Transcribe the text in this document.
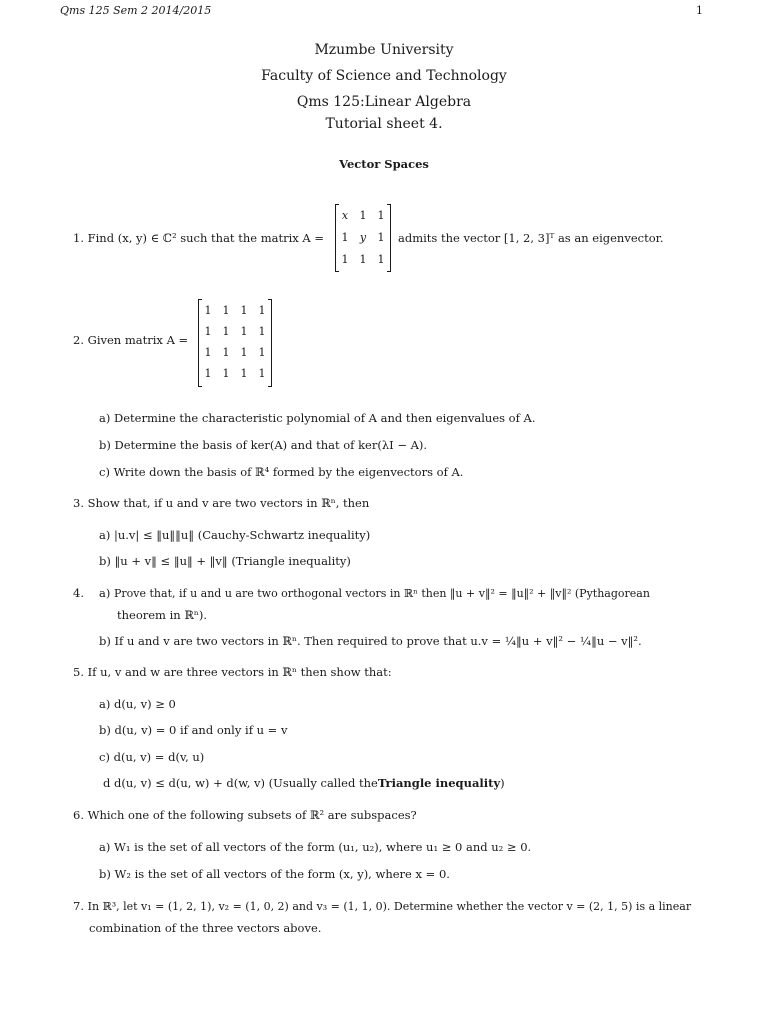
Qms 125 Sem 2 2014/2015	1
Mzumbe University
Faculty of Science and Technology
Qms 125:Linear Algebra
Tutorial sheet 4.
Vector Spaces
1. Find (x, y) ∈ ℂ² such that the matrix A =
x	1	1
1	y	1
1	1	1
admits the vector [1, 2, 3]ᵀ as an eigenvector.
2. Given matrix A =
1	1	1	1
1	1	1	1
1	1	1	1
1	1	1	1
a) Determine the characteristic polynomial of A and then eigenvalues of A.
b) Determine the basis of ker(A) and that of ker(λI − A).
c) Write down the basis of ℝ⁴ formed by the eigenvectors of A.
3. Show that, if u and v are two vectors in ℝⁿ, then
a) |u.v| ≤ ‖u‖‖u‖ (Cauchy-Schwartz inequality)
b) ‖u + v‖ ≤ ‖u‖ + ‖v‖ (Triangle inequality)
4. a) Prove that, if u and u are two orthogonal vectors in ℝⁿ then ‖u + v‖² = ‖u‖² + ‖v‖² (Pythagorean
theorem in ℝⁿ).
b) If u and v are two vectors in ℝⁿ. Then required to prove that u.v = ¼‖u + v‖² − ¼‖u − v‖².
5. If u, v and w are three vectors in ℝⁿ then show that:
a) d(u, v) ≥ 0
b) d(u, v) = 0 if and only if u = v
c) d(u, v) = d(v, u)
d d(u, v) ≤ d(u, w) + d(w, v) (Usually called theTriangle inequality)
6. Which one of the following subsets of ℝ² are subspaces?
a) W₁ is the set of all vectors of the form (u₁, u₂), where u₁ ≥ 0 and u₂ ≥ 0.
b) W₂ is the set of all vectors of the form (x, y), where x = 0.
7. In ℝ³, let v₁ = (1, 2, 1), v₂ = (1, 0, 2) and v₃ = (1, 1, 0). Determine whether the vector v = (2, 1, 5) is a linear
combination of the three vectors above.
